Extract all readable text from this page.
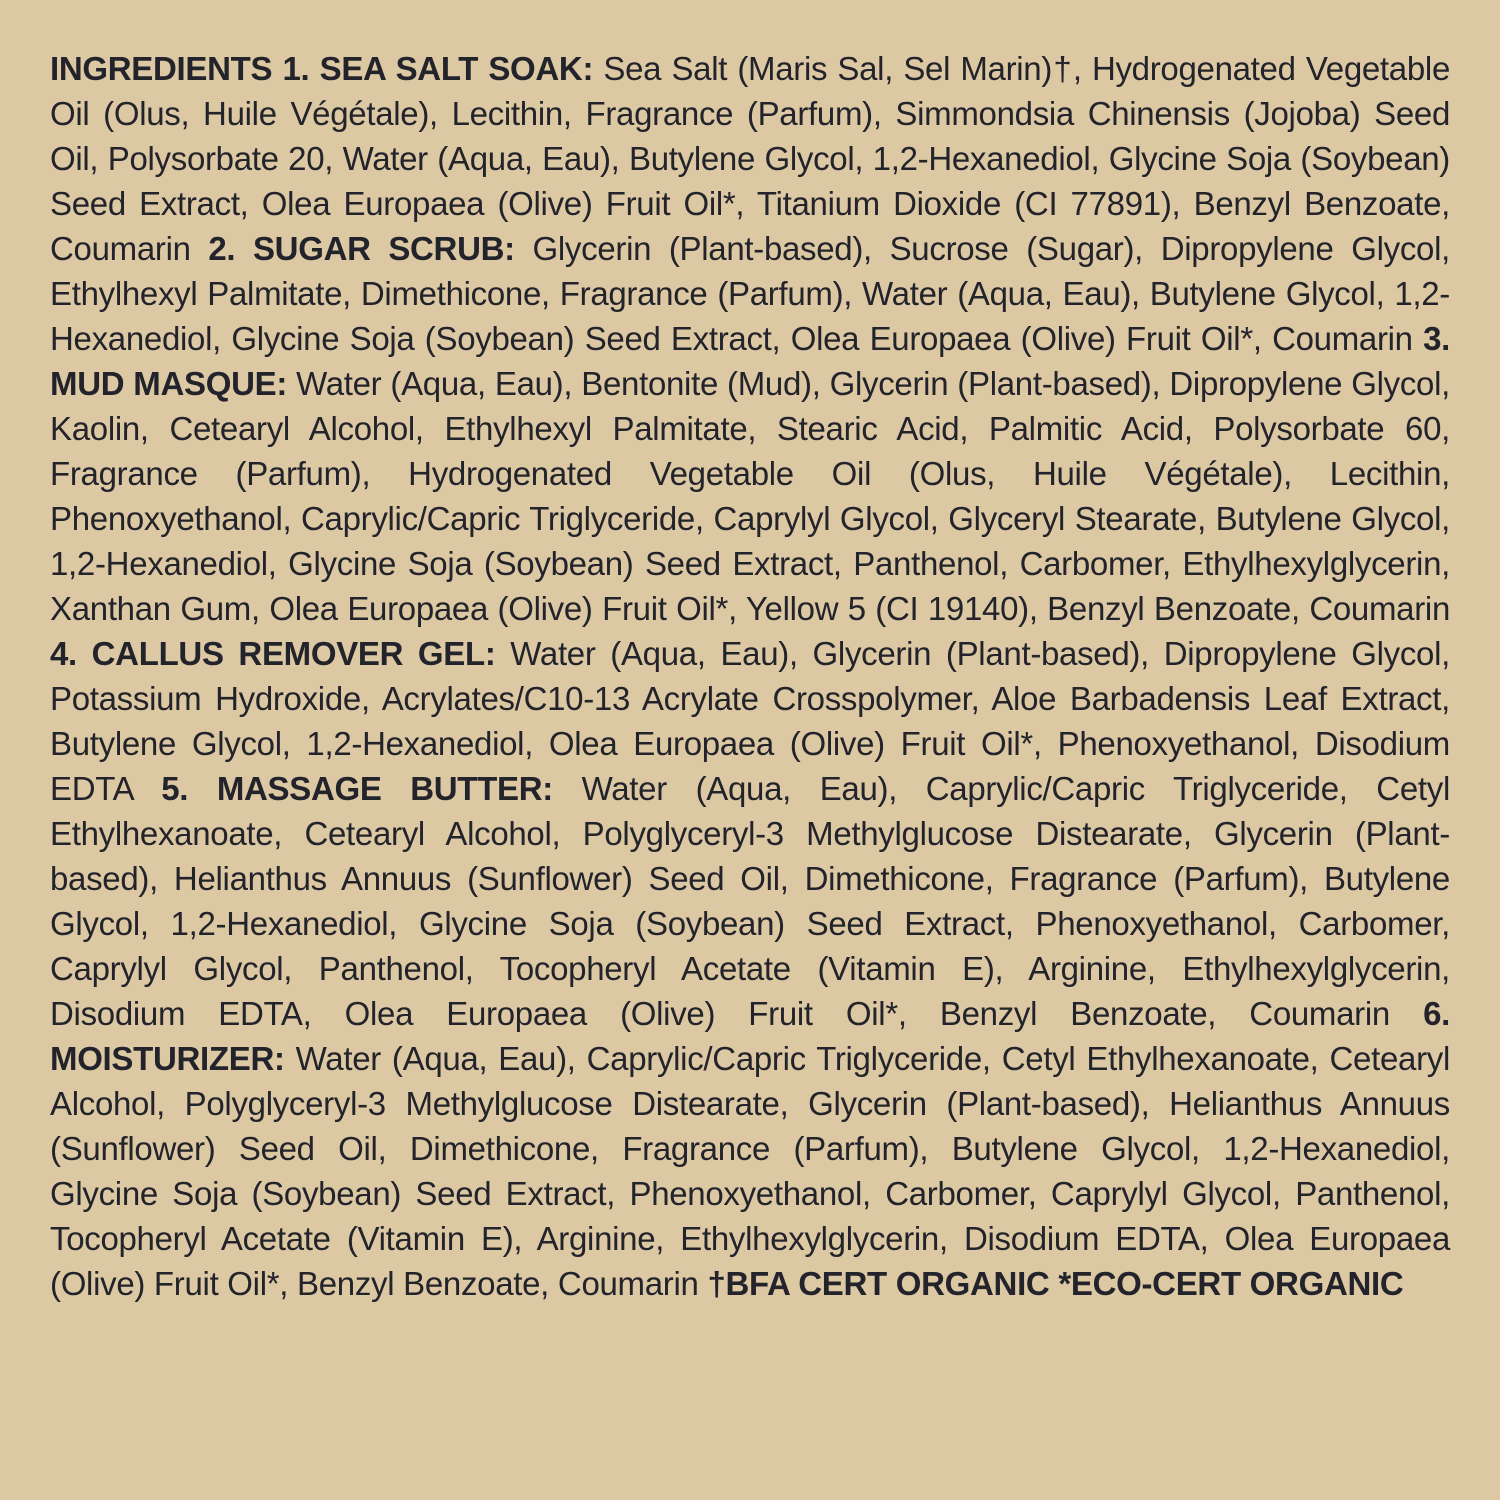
INGREDIENTS 1. SEA SALT SOAK: Sea Salt (Maris Sal, Sel Marin)†, Hydrogenated Vegetable Oil (Olus, Huile Végétale), Lecithin, Fragrance (Parfum), Simmondsia Chinensis (Jojoba) Seed Oil, Polysorbate 20, Water (Aqua, Eau), Butylene Glycol, 1,2-Hexanediol, Glycine Soja (Soybean) Seed Extract, Olea Europaea (Olive) Fruit Oil*, Titanium Dioxide (CI 77891), Benzyl Benzoate, Coumarin 2. SUGAR SCRUB: Glycerin (Plant-based), Sucrose (Sugar), Dipropylene Glycol, Ethylhexyl Palmitate, Dimethicone, Fragrance (Parfum), Water (Aqua, Eau), Butylene Glycol, 1,2-Hexanediol, Glycine Soja (Soybean) Seed Extract, Olea Europaea (Olive) Fruit Oil*, Coumarin 3. MUD MASQUE: Water (Aqua, Eau), Bentonite (Mud), Glycerin (Plant-based), Dipropylene Glycol, Kaolin, Cetearyl Alcohol, Ethylhexyl Palmitate, Stearic Acid, Palmitic Acid, Polysorbate 60, Fragrance (Parfum), Hydrogenated Vegetable Oil (Olus, Huile Végétale), Lecithin, Phenoxyethanol, Caprylic/Capric Triglyceride, Caprylyl Glycol, Glyceryl Stearate, Butylene Glycol, 1,2-Hexanediol, Glycine Soja (Soybean) Seed Extract, Panthenol, Carbomer, Ethylhexylglycerin, Xanthan Gum, Olea Europaea (Olive) Fruit Oil*, Yellow 5 (CI 19140), Benzyl Benzoate, Coumarin 4. CALLUS REMOVER GEL: Water (Aqua, Eau), Glycerin (Plant-based), Dipropylene Glycol, Potassium Hydroxide, Acrylates/C10-13 Acrylate Crosspolymer, Aloe Barbadensis Leaf Extract, Butylene Glycol, 1,2-Hexanediol, Olea Europaea (Olive) Fruit Oil*, Phenoxyethanol, Disodium EDTA 5. MASSAGE BUTTER: Water (Aqua, Eau), Caprylic/Capric Triglyceride, Cetyl Ethylhexanoate, Cetearyl Alcohol, Polyglyceryl-3 Methylglucose Distearate, Glycerin (Plant-based), Helianthus Annuus (Sunflower) Seed Oil, Dimethicone, Fragrance (Parfum), Butylene Glycol, 1,2-Hexanediol, Glycine Soja (Soybean) Seed Extract, Phenoxyethanol, Carbomer, Caprylyl Glycol, Panthenol, Tocopheryl Acetate (Vitamin E), Arginine, Ethylhexylglycerin, Disodium EDTA, Olea Europaea (Olive) Fruit Oil*, Benzyl Benzoate, Coumarin 6. MOISTURIZER: Water (Aqua, Eau), Caprylic/Capric Triglyceride, Cetyl Ethylhexanoate, Cetearyl Alcohol, Polyglyceryl-3 Methylglucose Distearate, Glycerin (Plant-based), Helianthus Annuus (Sunflower) Seed Oil, Dimethicone, Fragrance (Parfum), Butylene Glycol, 1,2-Hexanediol, Glycine Soja (Soybean) Seed Extract, Phenoxyethanol, Carbomer, Caprylyl Glycol, Panthenol, Tocopheryl Acetate (Vitamin E), Arginine, Ethylhexylglycerin, Disodium EDTA, Olea Europaea (Olive) Fruit Oil*, Benzyl Benzoate, Coumarin †BFA CERT ORGANIC *ECO-CERT ORGANIC
